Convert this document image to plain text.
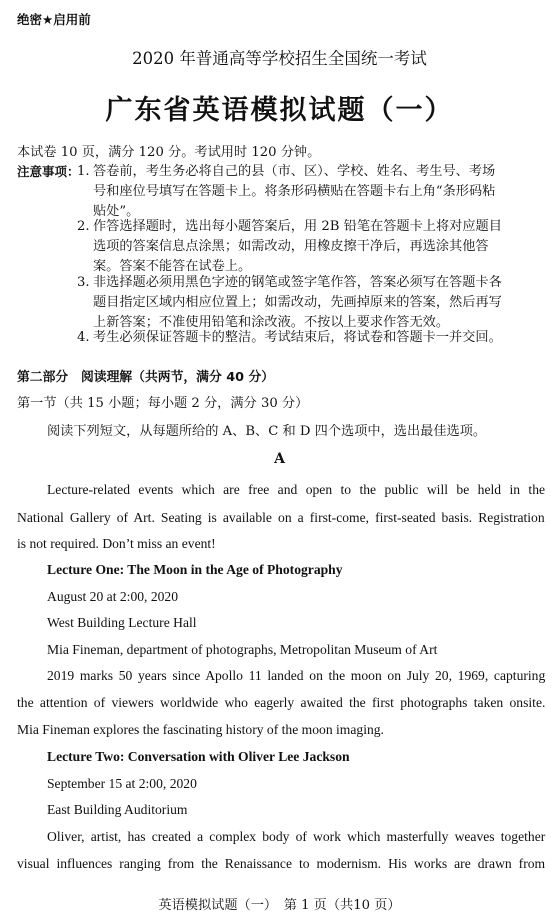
绝密★启用前
2020 年普通高等学校招生全国统一考试
广东省英语模拟试题（一）
本试卷 10 页，满分 120 分。考试用时 120 分钟。
注意事项：
1. 答卷前，考生务必将自己的县（市、区）、学校、姓名、考生号、考场
号和座位号填写在答题卡上。将条形码横贴在答题卡右上角“条形码粘
贴处”。
2. 作答选择题时，选出每小题答案后，用 2B 铅笔在答题卡上将对应题目
选项的答案信息点涂黑；如需改动，用橡皮擦干净后，再选涂其他答
案。答案不能答在试卷上。
3. 非选择题必须用黑色字迹的钢笔或签字笔作答，答案必须写在答题卡各
题目指定区域内相应位置上；如需改动，先画掉原来的答案，然后再写
上新答案；不准使用铅笔和涂改液。不按以上要求作答无效。
4. 考生必须保证答题卡的整洁。考试结束后，将试卷和答题卡一并交回。
第二部分　阅读理解（共两节，满分 40 分）
第一节（共 15 小题；每小题 2 分，满分 30 分）
阅读下列短文，从每题所给的 A、B、C 和 D 四个选项中，选出最佳选项。
A
Lecture-related events which are free and open to the public will be held in the
National Gallery of Art. Seating is available on a first-come, first-seated basis. Registration
is not required. Don’t miss an event!
Lecture One: The Moon in the Age of Photography
August 20 at 2:00, 2020
West Building Lecture Hall
Mia Fineman, department of photographs, Metropolitan Museum of Art
2019 marks 50 years since Apollo 11 landed on the moon on July 20, 1969, capturing
the attention of viewers worldwide who eagerly awaited the first photographs taken onsite.
Mia Fineman explores the fascinating history of the moon imaging.
Lecture Two: Conversation with Oliver Lee Jackson
September 15 at 2:00, 2020
East Building Auditorium
Oliver, artist, has created a complex body of work which masterfully weaves together
visual influences ranging from the Renaissance to modernism. His works are drawn from
英语模拟试题（一）　第 1 页（共10 页）
